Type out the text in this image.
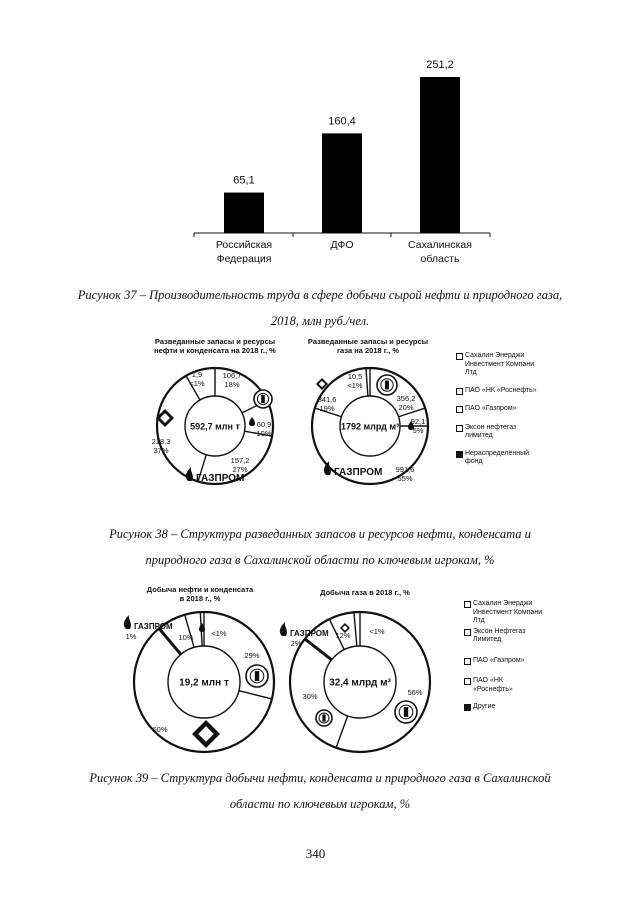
65,1
Российская
Федерация
160,4
ДФО
251,2
Сахалинская
область
Рисунок 37 – Производительность труда в сфере добычи сырой нефти и природного газа,
2018, млн руб./чел.
Разведанные запасы и ресурсы
нефти и конденсата на 2018 г., %
592,7 млн т
ГАЗПРОМ
106,7
18%
60,9
10%
157,2
27%
218,3
37%
1,9
<1%
Разведанные запасы и ресурсы
газа на 2018 г., %
1792 млрд м³
ГАЗПРОМ
356,2
20%
92,1
5%
991,6
55%
341,6
19%
10,5
<1%
Сахалин Энерджи Инвестмент Компани Лтд
ПАО «НК «Роснефть»
ПАО «Газпром»
Эксон нефтегаз лимитед
Нераспределённый фонд
Рисунок 38 – Структура разведанных запасов и ресурсов нефти, конденсата и
природного газа в Сахалинской области по ключевым игрокам, %
Добыча нефти и конденсата
в 2018 г., %
19,2 млн т
ГАЗПРОМ
29%
60%
1%	10% <1%
Добыча газа в 2018 г., %
32,4 млрд м³
ГАЗПРОМ
56%
30%
2%
12%	<1%
Сахалин Энерджи Инвестмент Компани Лтд
Эксон Нефтегаз Лимитед
ПАО «Газпром»
ПАО «НК «Роснефть»
Другие
Рисунок 39 – Структура добычи нефти, конденсата и природного газа в Сахалинской
области по ключевым игрокам, %
340
